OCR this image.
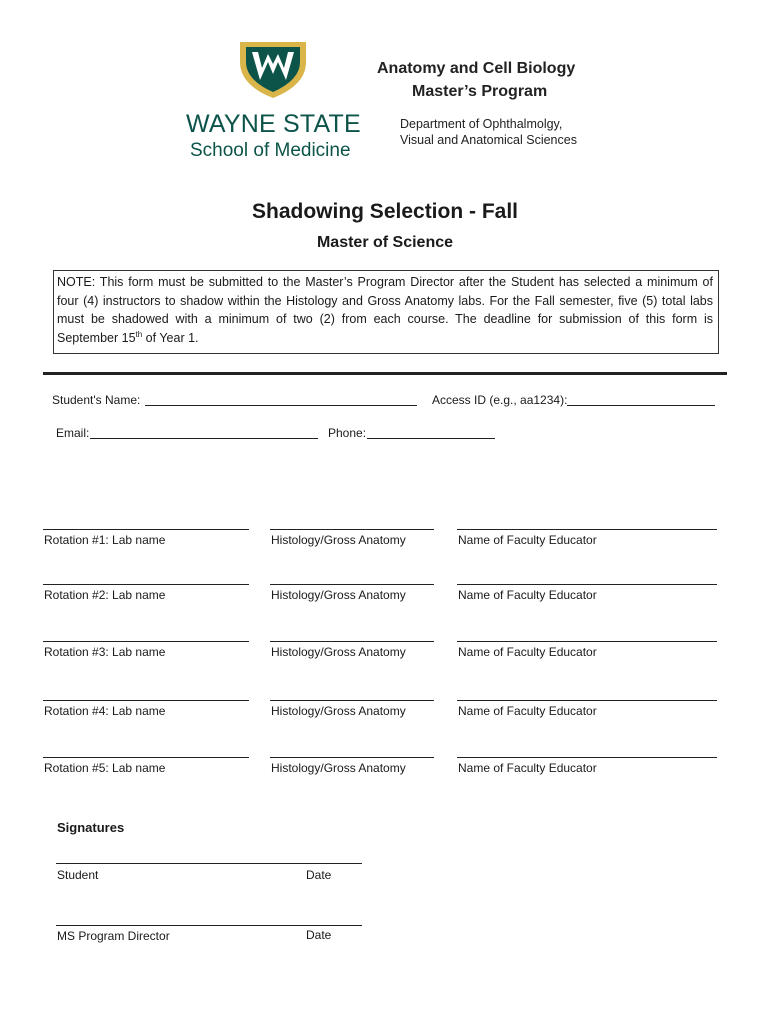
WAYNE STATE
School of Medicine
Anatomy and Cell Biology
Master’s Program
Department of Ophthalmolgy,
Visual and Anatomical Sciences
Shadowing Selection - Fall
Master of Science
NOTE: This form must be submitted to the Master’s Program Director after the Student has selected a minimum of four (4) instructors to shadow within the Histology and Gross Anatomy labs. For the Fall semester, five (5) total labs must be shadowed with a minimum of two (2) from each course. The deadline for submission of this form is September 15th of Year 1.
Student's Name:	Access ID (e.g., aa1234):
Email:	Phone:
Rotation #1: Lab name	Histology/Gross Anatomy	Name of Faculty Educator
Rotation #2: Lab name	Histology/Gross Anatomy	Name of Faculty Educator
Rotation #3: Lab name	Histology/Gross Anatomy	Name of Faculty Educator
Rotation #4: Lab name	Histology/Gross Anatomy	Name of Faculty Educator
Rotation #5: Lab name	Histology/Gross Anatomy	Name of Faculty Educator
Signatures
Student	Date
MS Program Director	Date
